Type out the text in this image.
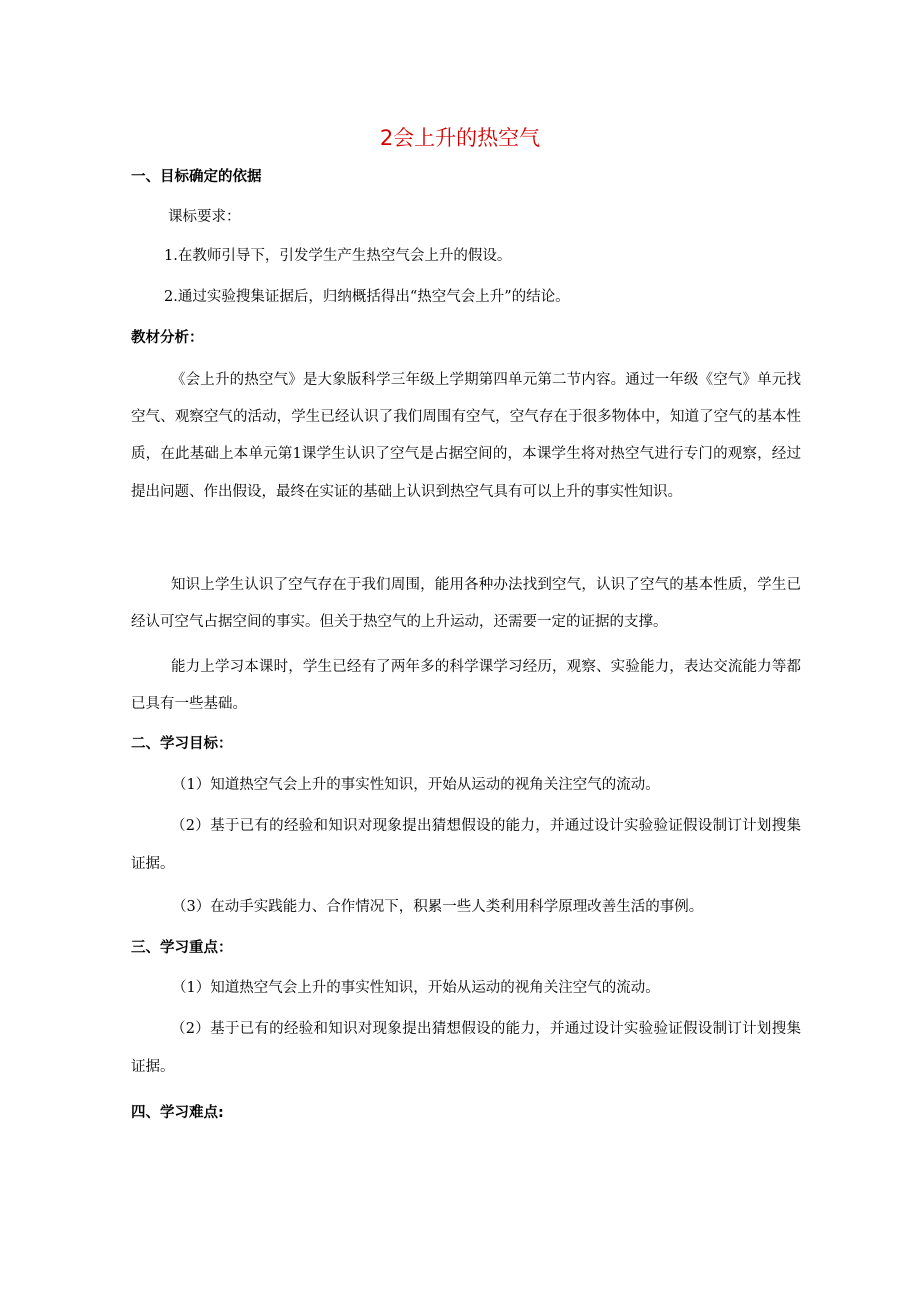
2会上升的热空气
一、目标确定的依据
课标要求：
1.在教师引导下，引发学生产生热空气会上升的假设。
2.通过实验搜集证据后，归纳概括得出“热空气会上升”的结论。
教材分析：
《会上升的热空气》是大象版科学三年级上学期第四单元第二节内容。通过一年级《空气》单元找空气、观察空气的活动，学生已经认识了我们周围有空气，空气存在于很多物体中，知道了空气的基本性质，在此基础上本单元第1课学生认识了空气是占据空间的，本课学生将对热空气进行专门的观察，经过提出问题、作出假设，最终在实证的基础上认识到热空气具有可以上升的事实性知识。
知识上学生认识了空气存在于我们周围，能用各种办法找到空气，认识了空气的基本性质，学生已经认可空气占据空间的事实。但关于热空气的上升运动，还需要一定的证据的支撑。
能力上学习本课时，学生已经有了两年多的科学课学习经历，观察、实验能力，表达交流能力等都已具有一些基础。
二、学习目标：
（1）知道热空气会上升的事实性知识，开始从运动的视角关注空气的流动。
（2）基于已有的经验和知识对现象提出猜想假设的能力，并通过设计实验验证假设制订计划搜集证据。
（3）在动手实践能力、合作情况下，积累一些人类利用科学原理改善生活的事例。
三、学习重点：
（1）知道热空气会上升的事实性知识，开始从运动的视角关注空气的流动。
（2）基于已有的经验和知识对现象提出猜想假设的能力，并通过设计实验验证假设制订计划搜集证据。
四、学习难点:
